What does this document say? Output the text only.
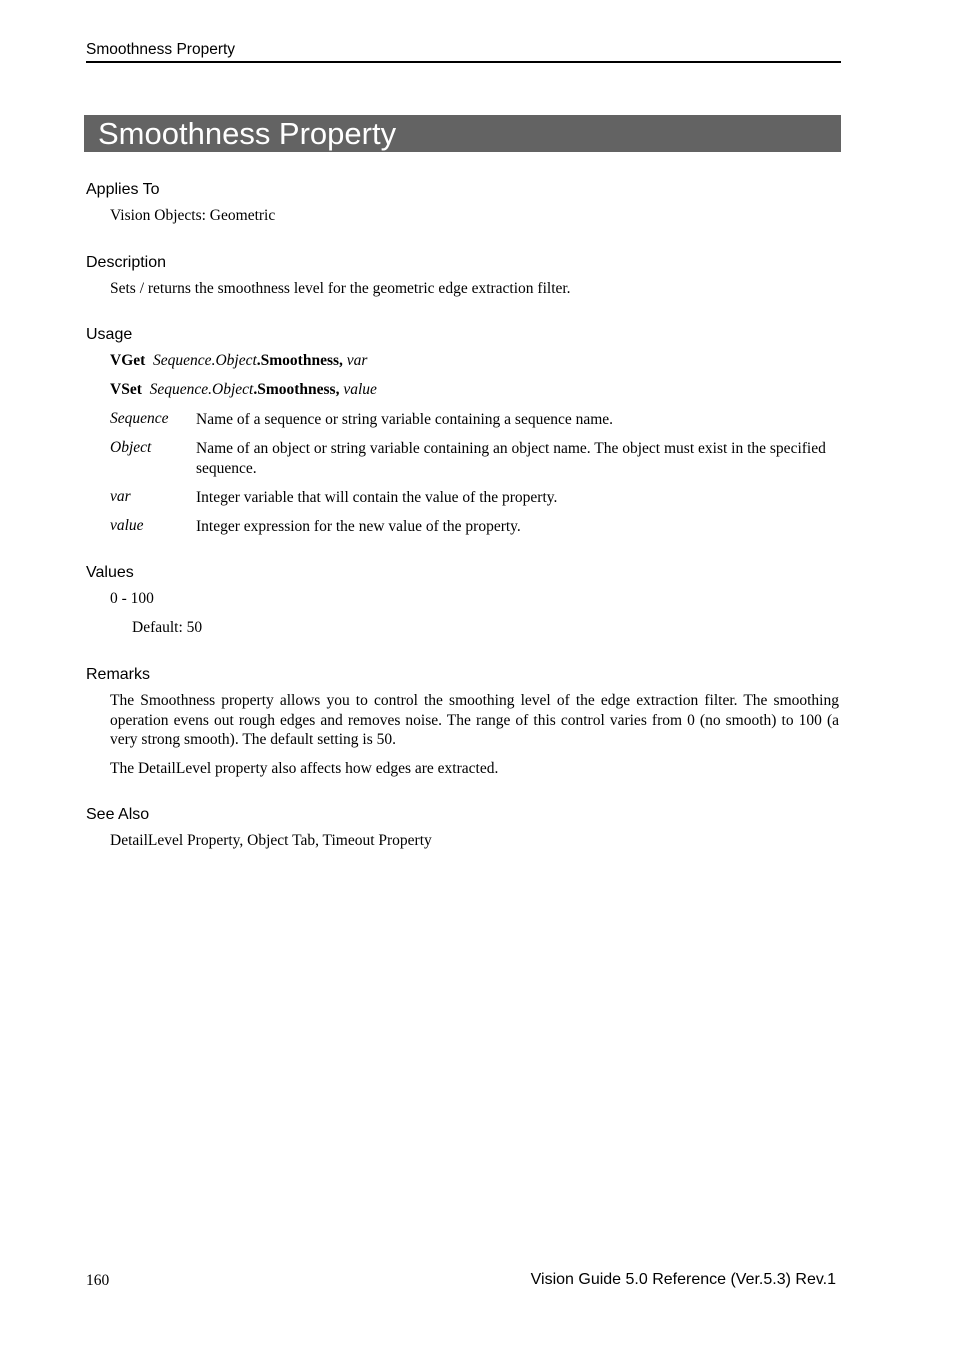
Smoothness Property
Smoothness Property
Applies To
Vision Objects: Geometric
Description
Sets / returns the smoothness level for the geometric edge extraction filter.
Usage
VGet Sequence.Object.Smoothness, var
VSet Sequence.Object.Smoothness, value
Sequence Name of a sequence or string variable containing a sequence name.
Object	Name of an object or string variable containing an object name. The object must exist in the specified sequence.
var	Integer variable that will contain the value of the property.
value	Integer expression for the new value of the property.
Values
0 - 100
Default: 50
Remarks
The Smoothness property allows you to control the smoothing level of the edge extraction filter. The smoothing operation evens out rough edges and removes noise. The range of this control varies from 0 (no smooth) to 100 (a very strong smooth). The default setting is 50.
The DetailLevel property also affects how edges are extracted.
See Also
DetailLevel Property, Object Tab, Timeout Property
160	Vision Guide 5.0 Reference (Ver.5.3) Rev.1
